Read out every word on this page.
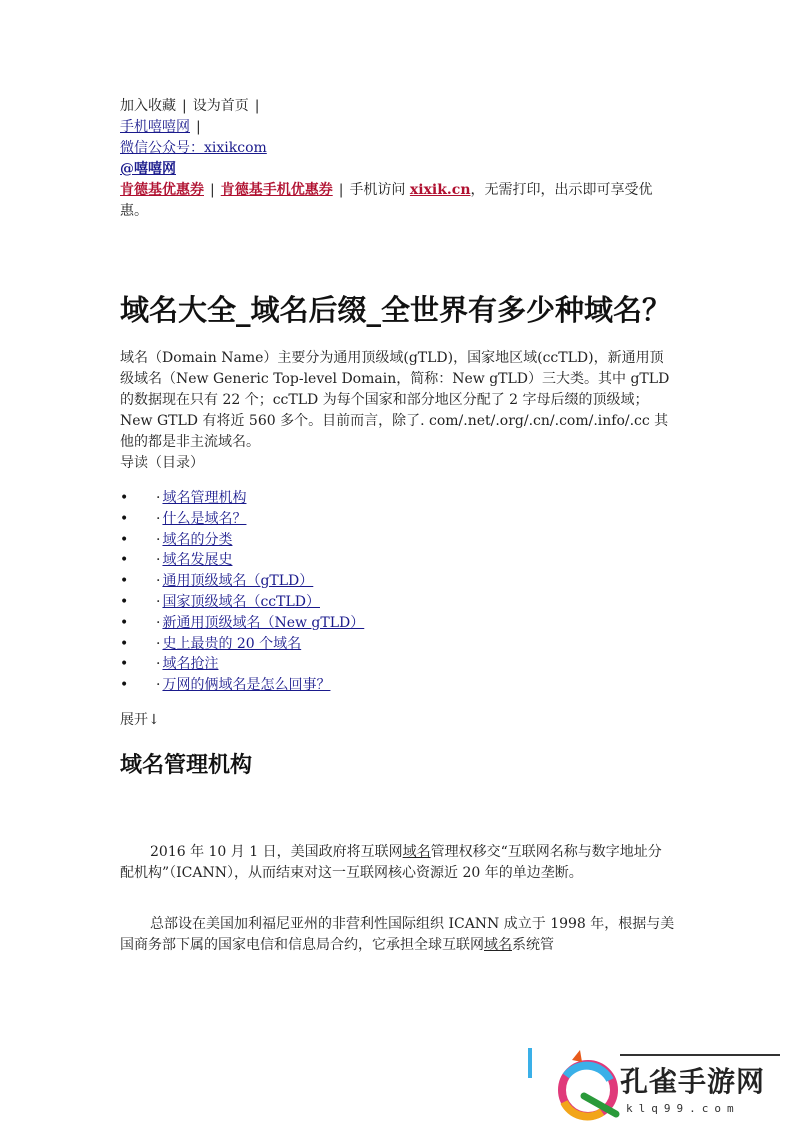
加入收藏 | 设为首页 |
手机嘻嘻网 |
微信公众号：xixikcom
@嘻嘻网
肯德基优惠券 | 肯德基手机优惠券 | 手机访问 xixik.cn，无需打印，出示即可享受优惠。
域名大全_域名后缀_全世界有多少种域名？

域名（Domain Name）主要分为通用顶级域(gTLD)，国家地区域(ccTLD)，新通用顶级域名（New Generic Top-level Domain，简称：New gTLD）三大类。其中 gTLD 的数据现在只有 22 个；ccTLD 为每个国家和部分地区分配了 2 字母后缀的顶级域；New GTLD 有将近 560 多个。目前而言，除了. com/.net/.org/.cn/.com/.info/.cc 其他的都是非主流域名。

导读（目录）
• · 域名管理机构
• · 什么是域名？
• · 域名的分类
• · 域名发展史
• · 通用顶级域名（gTLD）
• · 国家顶级域名（ccTLD）
• · 新通用顶级域名（New gTLD）
• · 史上最贵的 20 个域名
• · 域名抢注
• · 万网的俩域名是怎么回事？
展开↓
域名管理机构

2016 年 10 月 1 日，美国政府将互联网域名管理权移交“互联网名称与数字地址分配机构”（ICANN），从而结束对这一互联网核心资源近 20 年的单边垄断。

总部设在美国加利福尼亚州的非营利性国际组织 ICANN 成立于 1998 年，根据与美国商务部下属的国家电信和信息局合约，它承担全球互联网域名系统管

孔雀手游网
klq99.com
